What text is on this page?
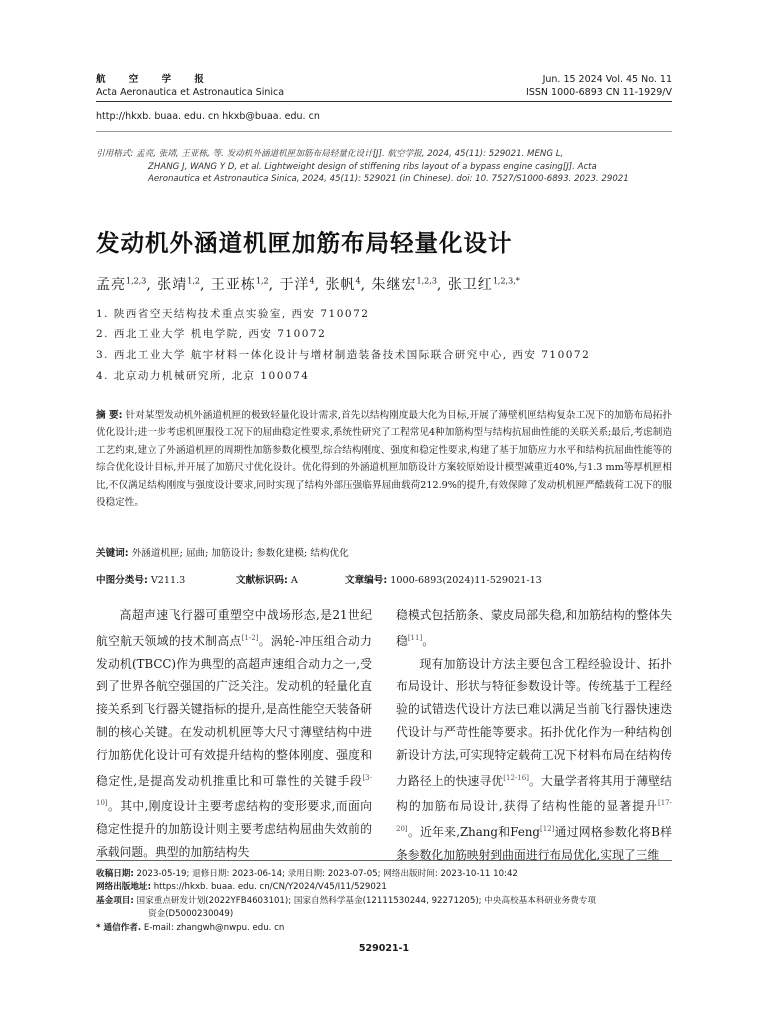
航 空 学 报
Acta Aeronautica et Astronautica Sinica
Jun. 15 2024 Vol. 45 No. 11
ISSN 1000-6893 CN 11-1929/V
http://hkxb. buaa. edu. cn hkxb@buaa. edu. cn
引用格式: 孟亮, 张靖, 王亚栋, 等. 发动机外涵道机匣加筋布局轻量化设计[J]. 航空学报, 2024, 45(11): 529021. MENG L,
ZHANG J, WANG Y D, et al. Lightweight design of stiffening ribs layout of a bypass engine casing[J]. Acta
Aeronautica et Astronautica Sinica, 2024, 45(11): 529021 (in Chinese). doi: 10. 7527/S1000-6893. 2023. 29021
发动机外涵道机匣加筋布局轻量化设计
孟亮$^{1,2,3}$, 张靖$^{1,2}$, 王亚栋$^{1,2}$, 于洋$^4$, 张帆$^4$, 朱继宏$^{1,2,3}$, 张卫红$^{1,2,3,*}$
1. 陕西省空天结构技术重点实验室, 西安 710072
2. 西北工业大学 机电学院, 西安 710072
3. 西北工业大学 航宇材料一体化设计与增材制造装备技术国际联合研究中心, 西安 710072
4. 北京动力机械研究所, 北京 100074
摘 要: 针对某型发动机外涵道机匣的极致轻量化设计需求,首先以结构刚度最大化为目标,开展了薄壁机匣结构复杂工况下的加筋布局拓扑优化设计;进一步考虑机匣服役工况下的屈曲稳定性要求,系统性研究了工程常见4种加筋构型与结构抗屈曲性能的关联关系;最后,考虑制造工艺约束,建立了外涵道机匣的周期性加筋参数化模型,综合结构刚度、强度和稳定性要求,构建了基于加筋应力水平和结构抗屈曲性能等的综合优化设计目标,并开展了加筋尺寸优化设计。优化得到的外涵道机匣加筋设计方案较原始设计模型减重近40%,与1.3 mm等厚机匣相比,不仅满足结构刚度与强度设计要求,同时实现了结构外部压强临界屈曲载荷212.9%的提升,有效保障了发动机机匣严酷载荷工况下的服役稳定性。
关键词: 外涵道机匣; 屈曲; 加筋设计; 参数化建模; 结构优化
中图分类号: V211.3	文献标识码: A	文章编号: 1000-6893(2024)11-529021-13

高超声速飞行器可重塑空中战场形态,是21世纪航空航天领域的技术制高点[1-2]。涡轮-冲压组合动力发动机(TBCC)作为典型的高超声速组合动力之一,受到了世界各航空强国的广泛关注。发动机的轻量化直接关系到飞行器关键指标的提升,是高性能空天装备研制的核心关键。在发动机机匣等大尺寸薄壁结构中进行加筋优化设计可有效提升结构的整体刚度、强度和稳定性,是提高发动机推重比和可靠性的关键手段[3-10]。其中,刚度设计主要考虑结构的变形要求,而面向稳定性提升的加筋设计则主要考虑结构屈曲失效前的承载问题。典型的加筋结构失

稳模式包括筋条、蒙皮局部失稳,和加筋结构的整体失稳[11]。

现有加筋设计方法主要包含工程经验设计、拓扑布局设计、形状与特征参数设计等。传统基于工程经验的试错迭代设计方法已难以满足当前飞行器快速迭代设计与严苛性能等要求。拓扑优化作为一种结构创新设计方法,可实现特定载荷工况下材料布局在结构传力路径上的快速寻优[12-16]。大量学者将其用于薄壁结构的加筋布局设计,获得了结构性能的显著提升[17-20]。近年来,Zhang和Feng[12]通过网格参数化将B样条参数化加筋映射到曲面进行布局优化,实现了三维

收稿日期: 2023-05-19; 退修日期: 2023-06-14; 录用日期: 2023-07-05; 网络出版时间: 2023-10-11 10:42
网络出版地址: https://hkxb. buaa. edu. cn/CN/Y2024/V45/I11/529021
基金项目: 国家重点研发计划(2022YFB4603101); 国家自然科学基金(12111530244, 92271205); 中央高校基本科研业务费专项
资金(D5000230049)
* 通信作者. E-mail: zhangwh@nwpu. edu. cn
529021-1
